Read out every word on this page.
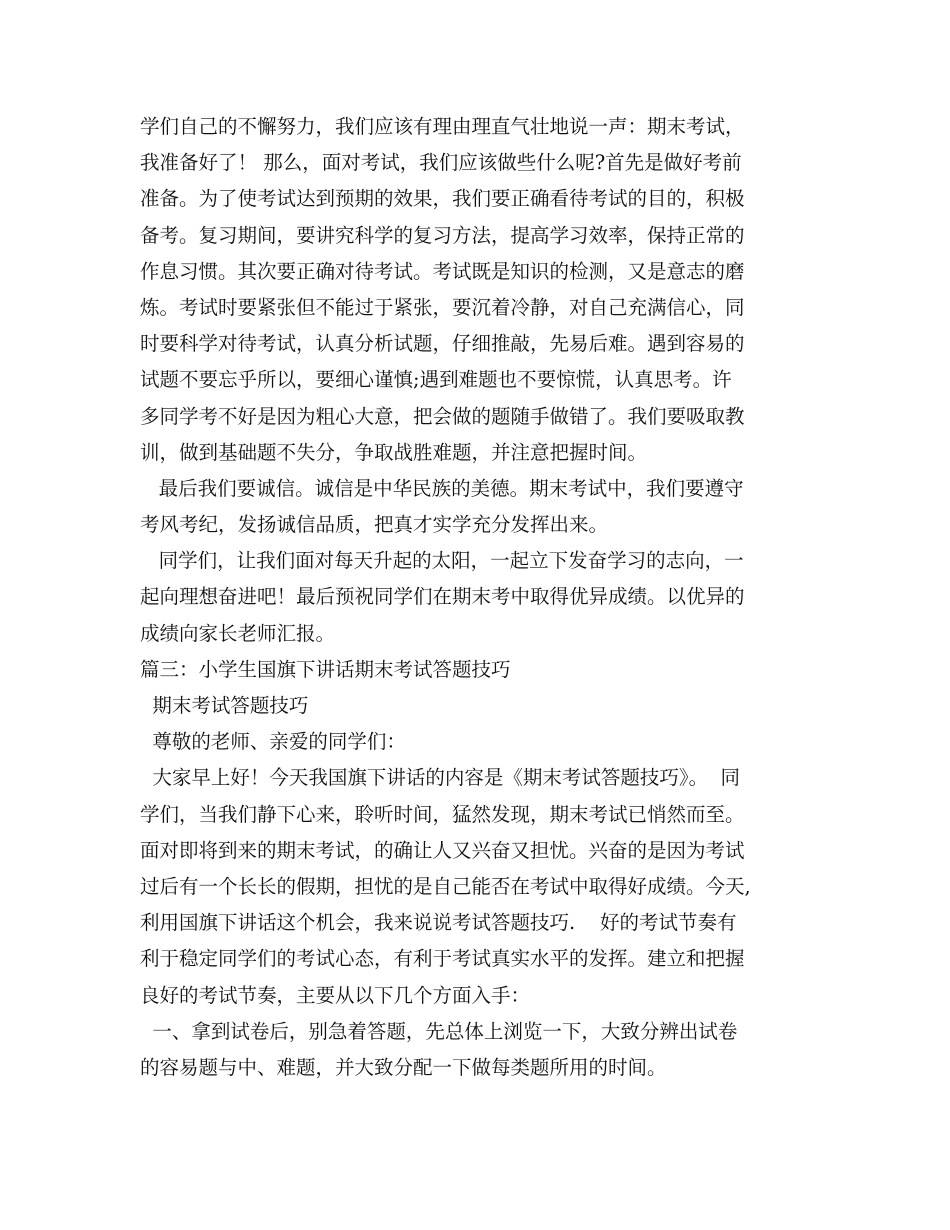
学们自己的不懈努力，我们应该有理由理直气壮地说一声：期末考试，
我准备好了！ 那么，面对考试，我们应该做些什么呢?首先是做好考前
准备。为了使考试达到预期的效果，我们要正确看待考试的目的，积极
备考。复习期间，要讲究科学的复习方法，提高学习效率，保持正常的
作息习惯。其次要正确对待考试。考试既是知识的检测，又是意志的磨
炼。考试时要紧张但不能过于紧张，要沉着冷静，对自己充满信心，同
时要科学对待考试，认真分析试题，仔细推敲，先易后难。遇到容易的
试题不要忘乎所以，要细心谨慎;遇到难题也不要惊慌，认真思考。许
多同学考不好是因为粗心大意，把会做的题随手做错了。我们要吸取教
训，做到基础题不失分，争取战胜难题，并注意把握时间。
最后我们要诚信。诚信是中华民族的美德。期末考试中，我们要遵守
考风考纪，发扬诚信品质，把真才实学充分发挥出来。
同学们，让我们面对每天升起的太阳，一起立下发奋学习的志向，一
起向理想奋进吧！最后预祝同学们在期末考中取得优异成绩。以优异的
成绩向家长老师汇报。
篇三：小学生国旗下讲话期末考试答题技巧
期末考试答题技巧
尊敬的老师、亲爱的同学们：
大家早上好！今天我国旗下讲话的内容是《期末考试答题技巧》。  同
学们，当我们静下心来，聆听时间，猛然发现，期末考试已悄然而至。
面对即将到来的期末考试，的确让人又兴奋又担忧。兴奋的是因为考试
过后有一个长长的假期，担忧的是自己能否在考试中取得好成绩。今天,
利用国旗下讲话这个机会，我来说说考试答题技巧.    好的考试节奏有
利于稳定同学们的考试心态，有利于考试真实水平的发挥。建立和把握
良好的考试节奏，主要从以下几个方面入手：
一、拿到试卷后，别急着答题，先总体上浏览一下，大致分辨出试卷
的容易题与中、难题，并大致分配一下做每类题所用的时间。
